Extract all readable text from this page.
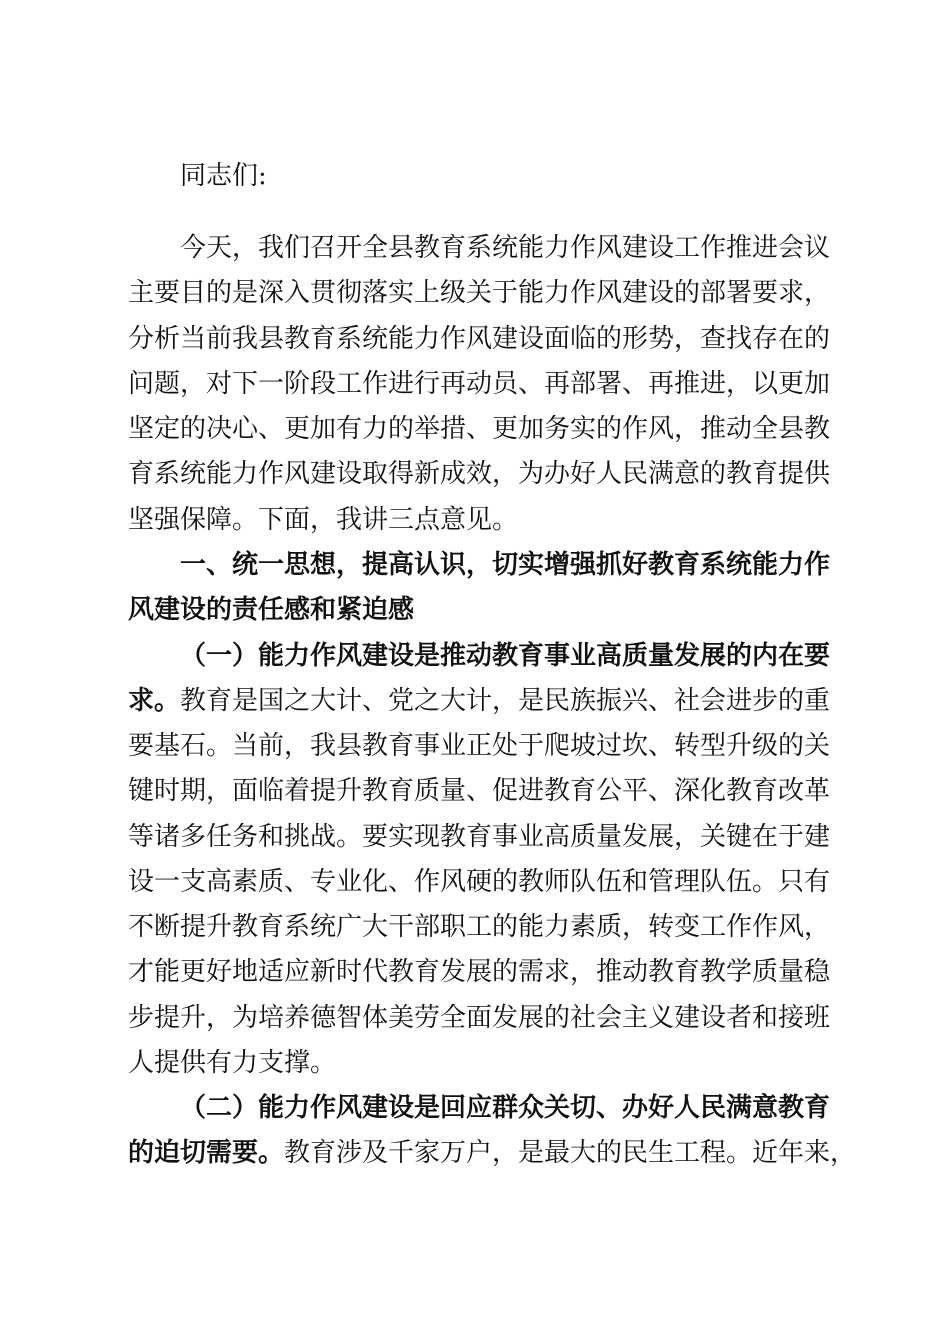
同志们:
今天，我们召开全县教育系统能力作风建设工作推进会议
主要目的是深入贯彻落实上级关于能力作风建设的部署要求，
分析当前我县教育系统能力作风建设面临的形势，查找存在的
问题，对下一阶段工作进行再动员、再部署、再推进，以更加
坚定的决心、更加有力的举措、更加务实的作风，推动全县教
育系统能力作风建设取得新成效，为办好人民满意的教育提供
坚强保障。下面，我讲三点意见。
一、统一思想，提高认识，切实增强抓好教育系统能力作
风建设的责任感和紧迫感
（一）能力作风建设是推动教育事业高质量发展的内在要
求。教育是国之大计、党之大计，是民族振兴、社会进步的重
要基石。当前，我县教育事业正处于爬坡过坎、转型升级的关
键时期，面临着提升教育质量、促进教育公平、深化教育改革
等诸多任务和挑战。要实现教育事业高质量发展，关键在于建
设一支高素质、专业化、作风硬的教师队伍和管理队伍。只有
不断提升教育系统广大干部职工的能力素质，转变工作作风，
才能更好地适应新时代教育发展的需求，推动教育教学质量稳
步提升，为培养德智体美劳全面发展的社会主义建设者和接班
人提供有力支撑。
（二）能力作风建设是回应群众关切、办好人民满意教育
的迫切需要。教育涉及千家万户，是最大的民生工程。近年来，
